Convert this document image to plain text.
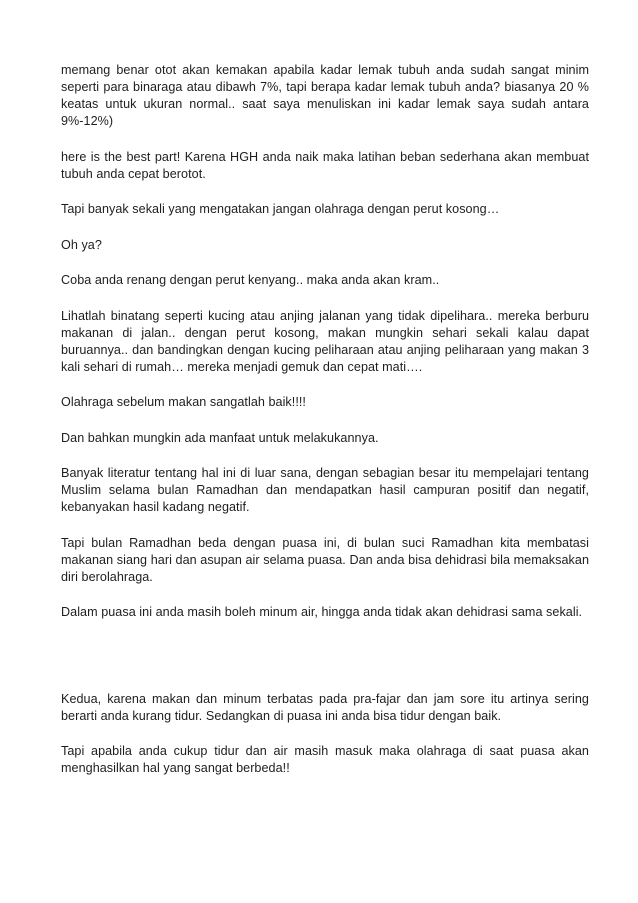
memang benar otot akan kemakan apabila kadar lemak tubuh anda sudah sangat minim seperti para binaraga atau dibawh 7%, tapi berapa kadar lemak tubuh anda? biasanya 20 % keatas untuk ukuran normal.. saat saya menuliskan ini kadar lemak saya sudah antara 9%-12%)

here is the best part! Karena HGH anda naik maka latihan beban sederhana akan membuat tubuh anda cepat berotot.

Tapi banyak sekali yang mengatakan jangan olahraga dengan perut kosong…

Oh ya?

Coba anda renang dengan perut kenyang.. maka anda akan kram..

Lihatlah binatang seperti kucing atau anjing jalanan yang tidak dipelihara.. mereka berburu makanan di jalan.. dengan perut kosong, makan mungkin sehari sekali kalau dapat buruannya.. dan bandingkan dengan kucing peliharaan atau anjing peliharaan yang makan 3 kali sehari di rumah… mereka menjadi gemuk dan cepat mati….

Olahraga sebelum makan sangatlah baik!!!!

Dan bahkan mungkin ada manfaat untuk melakukannya.

Banyak literatur tentang hal ini di luar sana, dengan sebagian besar itu mempelajari tentang Muslim selama bulan Ramadhan dan mendapatkan hasil campuran positif dan negatif, kebanyakan hasil kadang negatif.

Tapi bulan Ramadhan beda dengan puasa ini, di bulan suci Ramadhan kita membatasi makanan siang hari dan asupan air selama puasa. Dan anda bisa dehidrasi bila memaksakan diri berolahraga.

Dalam puasa ini anda masih boleh minum air, hingga anda tidak akan dehidrasi sama sekali.

Kedua, karena makan dan minum terbatas pada pra-fajar dan jam sore itu artinya sering berarti anda kurang tidur. Sedangkan di puasa ini anda bisa tidur dengan baik.

Tapi apabila anda cukup tidur dan air masih masuk maka olahraga di saat puasa akan menghasilkan hal yang sangat berbeda!!
